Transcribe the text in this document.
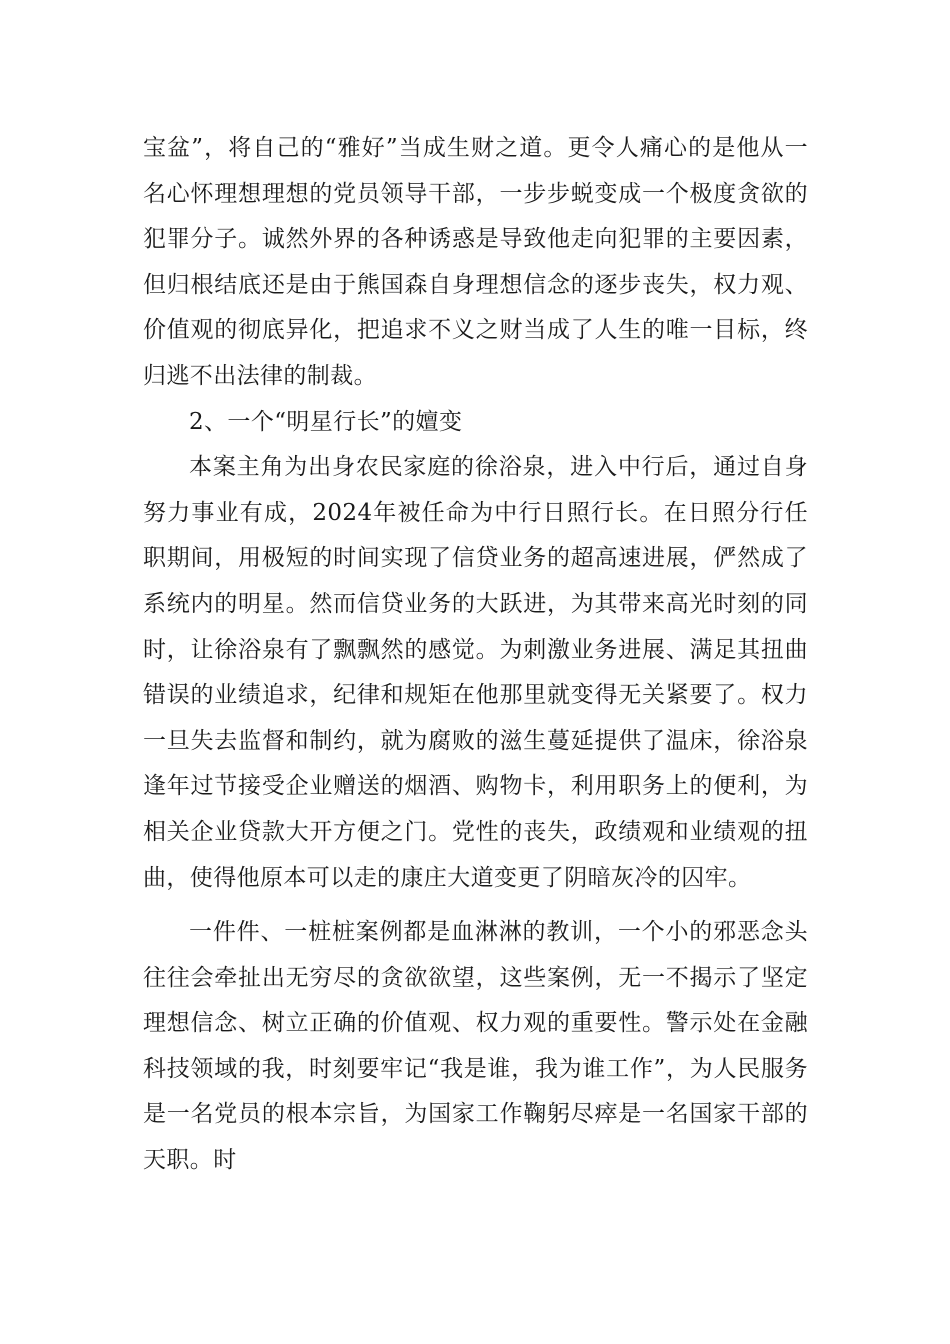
宝盆”，将自己的“雅好”当成生财之道。更令人痛心的是他从一名心怀理想理想的党员领导干部，一步步蜕变成一个极度贪欲的犯罪分子。诚然外界的各种诱惑是导致他走向犯罪的主要因素，但归根结底还是由于熊国森自身理想信念的逐步丧失，权力观、价值观的彻底异化，把追求不义之财当成了人生的唯一目标，终归逃不出法律的制裁。

2、一个“明星行长”的嬗变

本案主角为出身农民家庭的徐浴泉，进入中行后，通过自身努力事业有成，2024年被任命为中行日照行长。在日照分行任职期间，用极短的时间实现了信贷业务的超高速进展，俨然成了系统内的明星。然而信贷业务的大跃进，为其带来高光时刻的同时，让徐浴泉有了飘飘然的感觉。为刺激业务进展、满足其扭曲错误的业绩追求，纪律和规矩在他那里就变得无关紧要了。权力一旦失去监督和制约，就为腐败的滋生蔓延提供了温床，徐浴泉逢年过节接受企业赠送的烟酒、购物卡，利用职务上的便利，为相关企业贷款大开方便之门。党性的丧失，政绩观和业绩观的扭曲，使得他原本可以走的康庄大道变更了阴暗灰冷的囚牢。

一件件、一桩桩案例都是血淋淋的教训，一个小的邪恶念头往往会牵扯出无穷尽的贪欲欲望，这些案例，无一不揭示了坚定理想信念、树立正确的价值观、权力观的重要性。警示处在金融科技领域的我，时刻要牢记“我是谁，我为谁工作”，为人民服务是一名党员的根本宗旨，为国家工作鞠躬尽瘁是一名国家干部的天职。时
